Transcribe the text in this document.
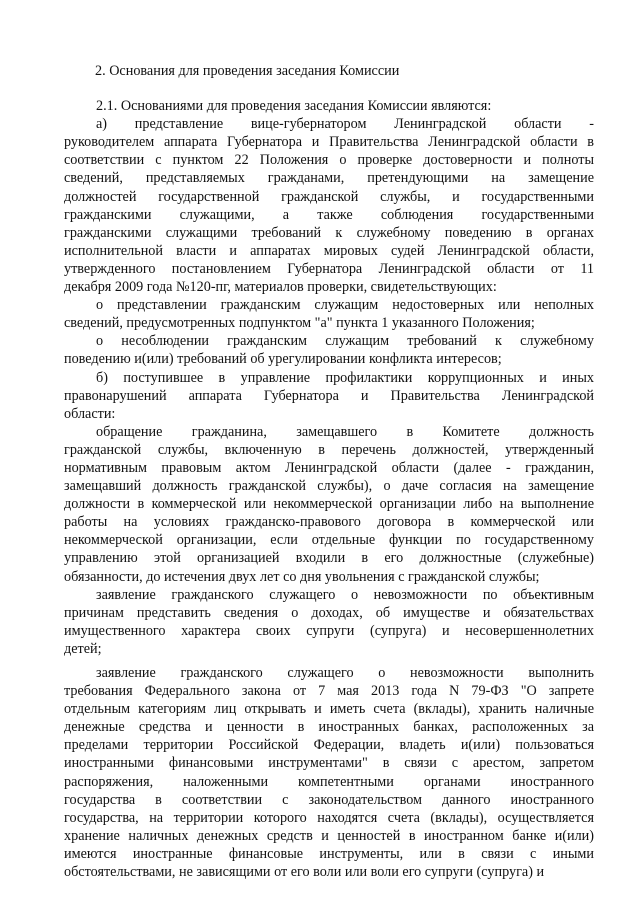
2. Основания для проведения заседания Комиссии
2.1. Основаниями для проведения заседания Комиссии являются:
а) представление вице-губернатором Ленинградской области -
руководителем аппарата Губернатора и Правительства Ленинградской области в
соответствии с пунктом 22 Положения о проверке достоверности и полноты
сведений, представляемых гражданами, претендующими на замещение
должностей государственной гражданской службы, и государственными
гражданскими служащими, а также соблюдения государственными
гражданскими служащими требований к служебному поведению в органах
исполнительной власти и аппаратах мировых судей Ленинградской области,
утвержденного постановлением Губернатора Ленинградской области от 11
декабря 2009 года №120-пг, материалов проверки, свидетельствующих:
о представлении гражданским служащим недостоверных или неполных
сведений, предусмотренных подпунктом "а" пункта 1 указанного Положения;
о несоблюдении гражданским служащим требований к служебному
поведению и(или) требований об урегулировании конфликта интересов;
б) поступившее в управление профилактики коррупционных и иных
правонарушений аппарата Губернатора и Правительства Ленинградской
области:
обращение гражданина, замещавшего в Комитете должность
гражданской службы, включенную в перечень должностей, утвержденный
нормативным правовым актом Ленинградской области (далее - гражданин,
замещавший должность гражданской службы), о даче согласия на замещение
должности в коммерческой или некоммерческой организации либо на выполнение
работы на условиях гражданско-правового договора в коммерческой или
некоммерческой организации, если отдельные функции по государственному
управлению этой организацией входили в его должностные (служебные)
обязанности, до истечения двух лет со дня увольнения с гражданской службы;
заявление гражданского служащего о невозможности по объективным
причинам представить сведения о доходах, об имуществе и обязательствах
имущественного характера своих супруги (супруга) и несовершеннолетних
детей;
заявление гражданского служащего о невозможности выполнить
требования Федерального закона от 7 мая 2013 года N 79-ФЗ "О запрете
отдельным категориям лиц открывать и иметь счета (вклады), хранить наличные
денежные средства и ценности в иностранных банках, расположенных за
пределами территории Российской Федерации, владеть и(или) пользоваться
иностранными финансовыми инструментами" в связи с арестом, запретом
распоряжения, наложенными компетентными органами иностранного
государства в соответствии с законодательством данного иностранного
государства, на территории которого находятся счета (вклады), осуществляется
хранение наличных денежных средств и ценностей в иностранном банке и(или)
имеются иностранные финансовые инструменты, или в связи с иными
обстоятельствами, не зависящими от его воли или воли его супруги (супруга) и
